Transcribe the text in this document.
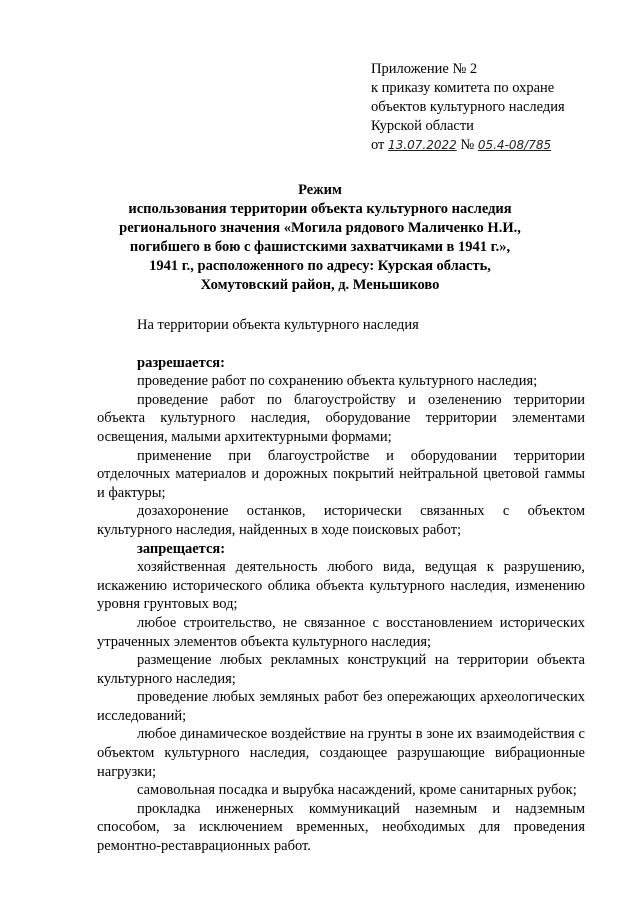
Приложение № 2
к приказу комитета по охране
объектов культурного наследия
Курской области
от 13.07.2022 № 05.4-08/785
Режим
использования территории объекта культурного наследия
регионального значения «Могила рядового Маличенко Н.И.,
погибшего в бою с фашистскими захватчиками в 1941 г.»,
1941 г., расположенного по адресу: Курская область,
Хомутовский район, д. Меньшиково
На территории объекта культурного наследия
разрешается:
проведение работ по сохранению объекта культурного наследия;
проведение работ по благоустройству и озеленению территории объекта культурного наследия, оборудование территории элементами освещения, малыми архитектурными формами;
применение при благоустройстве и оборудовании территории отделочных материалов и дорожных покрытий нейтральной цветовой гаммы и фактуры;
дозахоронение останков, исторически связанных с объектом культурного наследия, найденных в ходе поисковых работ;
запрещается:
хозяйственная деятельность любого вида, ведущая к разрушению, искажению исторического облика объекта культурного наследия, изменению уровня грунтовых вод;
любое строительство, не связанное с восстановлением исторических утраченных элементов объекта культурного наследия;
размещение любых рекламных конструкций на территории объекта культурного наследия;
проведение любых земляных работ без опережающих археологических исследований;
любое динамическое воздействие на грунты в зоне их взаимодействия с объектом культурного наследия, создающее разрушающие вибрационные нагрузки;
самовольная посадка и вырубка насаждений, кроме санитарных рубок;
прокладка инженерных коммуникаций наземным и надземным способом, за исключением временных, необходимых для проведения ремонтно-реставрационных работ.
